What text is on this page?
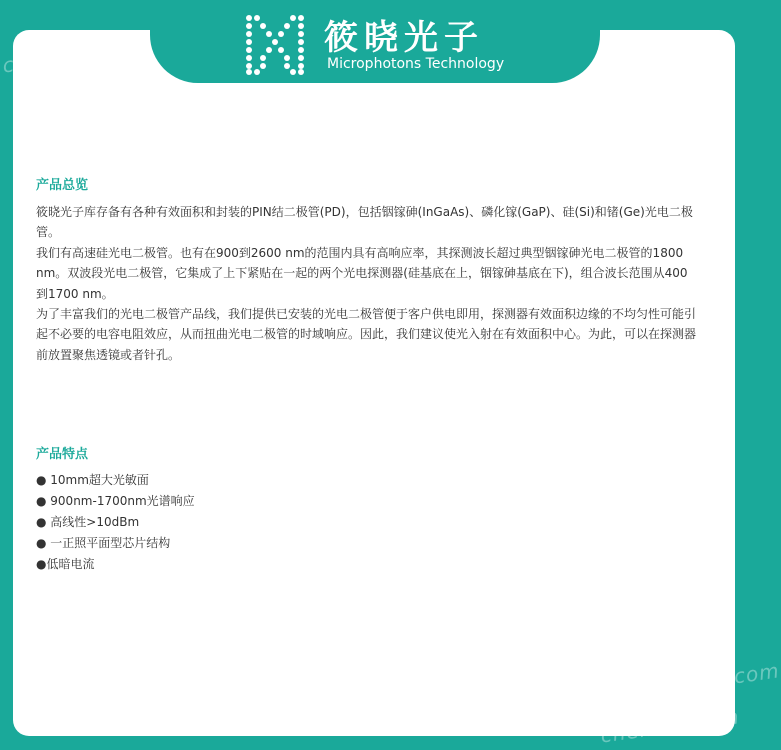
筱晓光子
Microphotons Technology
产品总览

筱晓光子库存备有各种有效面积和封装的PIN结二极管(PD)，包括铟镓砷(InGaAs)、磷化镓(GaP)、硅(Si)和锗(Ge)光电二极管。

我们有高速硅光电二极管。也有在900到2600 nm的范围内具有高响应率，其探测波长超过典型铟镓砷光电二极管的1800 nm。双波段光电二极管，它集成了上下紧贴在一起的两个光电探测器(硅基底在上，铟镓砷基底在下)，组合波长范围从400到1700 nm。

为了丰富我们的光电二极管产品线，我们提供已安装的光电二极管便于客户供电即用，探测器有效面积边缘的不均匀性可能引起不必要的电容电阻效应，从而扭曲光电二极管的时域响应。因此，我们建议使光入射在有效面积中心。为此，可以在探测器前放置聚焦透镜或者针孔。

产品特点
● 10mm超大光敏面
● 900nm-1700nm光谱响应
● 高线性>10dBm
● 一正照平面型芯片结构
●低暗电流
chem17.com
chem17.com
chem17.com
